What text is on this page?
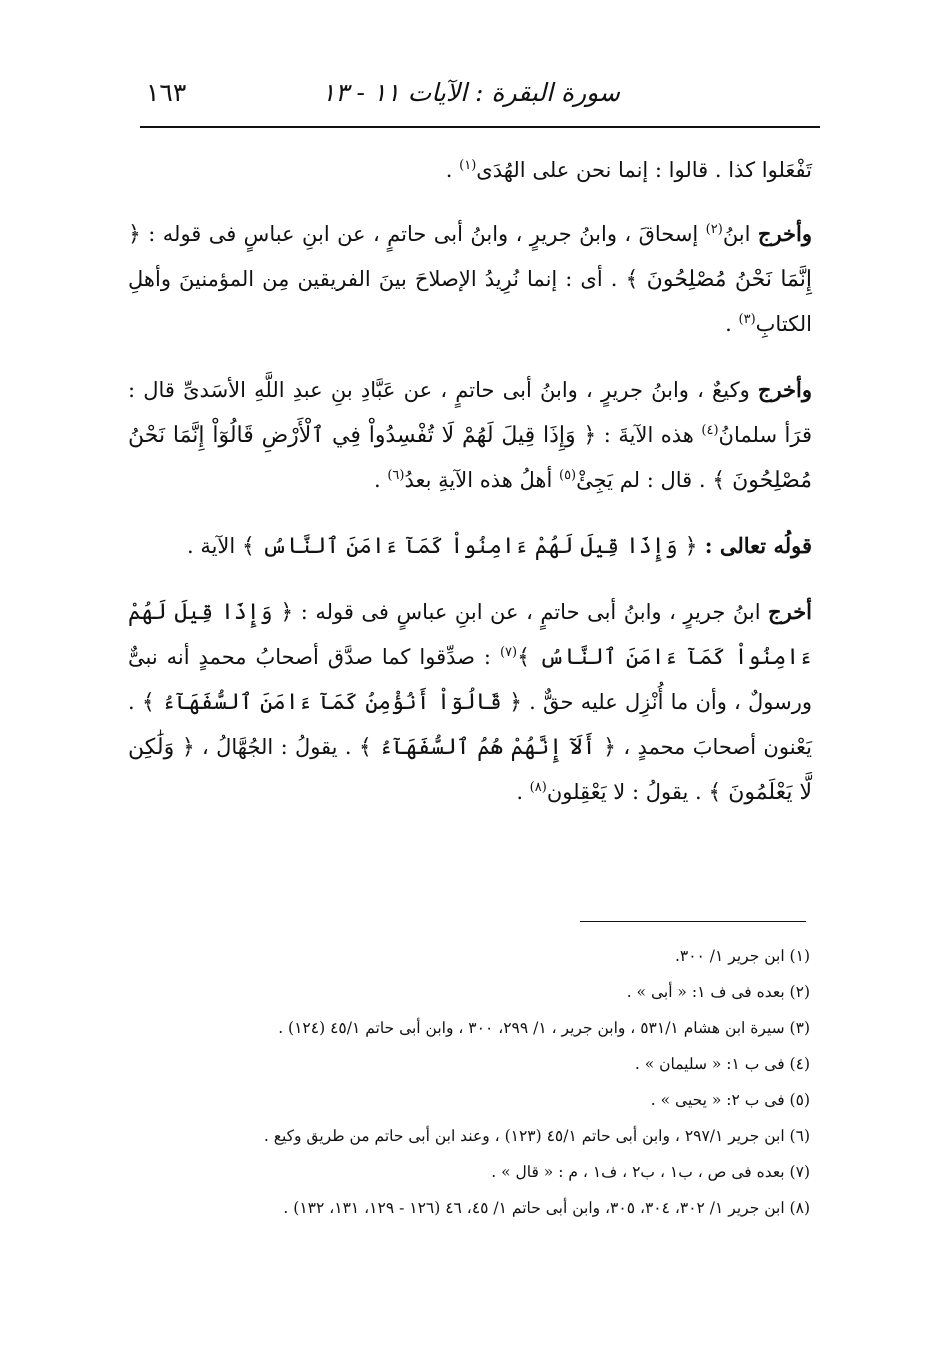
١٦٣	سورة البقرة : الآيات ١١ - ١٣

تَفْعَلوا كذا . قالوا : إنما نحن على الهُدَى$^{(١)}$ .

وأخرج ابنُ$^{(٢)}$ إسحاقَ ، وابنُ جريرٍ ، وابنُ أبى حاتمٍ ، عن ابنِ عباسٍ فى قوله : ﴿ إِنَّمَا نَحْنُ مُصْلِحُونَ ﴾ . أى : إنما نُرِيدُ الإصلاحَ بينَ الفريقين مِن المؤمنينَ وأهلِ الكتابِ$^{(٣)}$ .

وأخرج وكيعٌ ، وابنُ جريرٍ ، وابنُ أبى حاتمٍ ، عن عَبَّادِ بنِ عبدِ اللَّهِ الأسَدىِّ قال : قرَأ سلمانُ$^{(٤)}$ هذه الآيةَ : ﴿ وَإِذَا قِيلَ لَهُمْ لَا تُفْسِدُواْ فِي ٱلْأَرْضِ قَالُوٓاْ إِنَّمَا نَحْنُ مُصْلِحُونَ ﴾ . قال : لم يَجِئْ$^{(٥)}$ أهلُ هذه الآيةِ بعدُ$^{(٦)}$ .

قولُه تعالى : ﴿ وَإِذَا قِيلَ لَهُمْ ءَامِنُواْ كَمَآ ءَامَنَ ٱلنَّاسُ ﴾ الآية .

أخرج ابنُ جريرٍ ، وابنُ أبى حاتمٍ ، عن ابنِ عباسٍ فى قوله : ﴿ وَإِذَا قِيلَ لَهُمْ ءَامِنُواْ كَمَآ ءَامَنَ ٱلنَّاسُ ﴾$^{(٧)}$ : صدِّقوا كما صدَّق أصحابُ محمدٍ أنه نبىٌّ ورسولٌ ، وأن ما أُنْزِل عليه حقٌّ . ﴿ قَالُوٓاْ أَنُؤْمِنُ كَمَآ ءَامَنَ ٱلسُّفَهَآءُ ﴾ . يَعْنون أصحابَ محمدٍ ، ﴿ أَلَآ إِنَّهُمْ هُمُ ٱلسُّفَهَآءُ ﴾ . يقولُ : الجُهَّالُ ، ﴿ وَلَٰكِن لَّا يَعْلَمُونَ ﴾ . يقولُ : لا يَعْقِلون$^{(٨)}$ .

(١) ابن جرير ١/ ٣٠٠.
(٢) بعده فى ف ١: « أبى » .
(٣) سيرة ابن هشام ٥٣١/١ ، وابن جرير ، ١/ ٢٩٩، ٣٠٠ ، وابن أبى حاتم ٤٥/١ (١٢٤) .
(٤) فى ب ١: « سليمان » .
(٥) فى ب ٢: « يحيى » .
(٦) ابن جرير ٢٩٧/١ ، وابن أبى حاتم ٤٥/١ (١٢٣) ، وعند ابن أبى حاتم من طريق وكيع .
(٧) بعده فى ص ، ب١ ، ب٢ ، ف١ ، م : « قال » .
(٨) ابن جرير ١/ ٣٠٢، ٣٠٤، ٣٠٥، وابن أبى حاتم ١/ ٤٥، ٤٦ (١٢٦ - ١٢٩، ١٣١، ١٣٢) .
